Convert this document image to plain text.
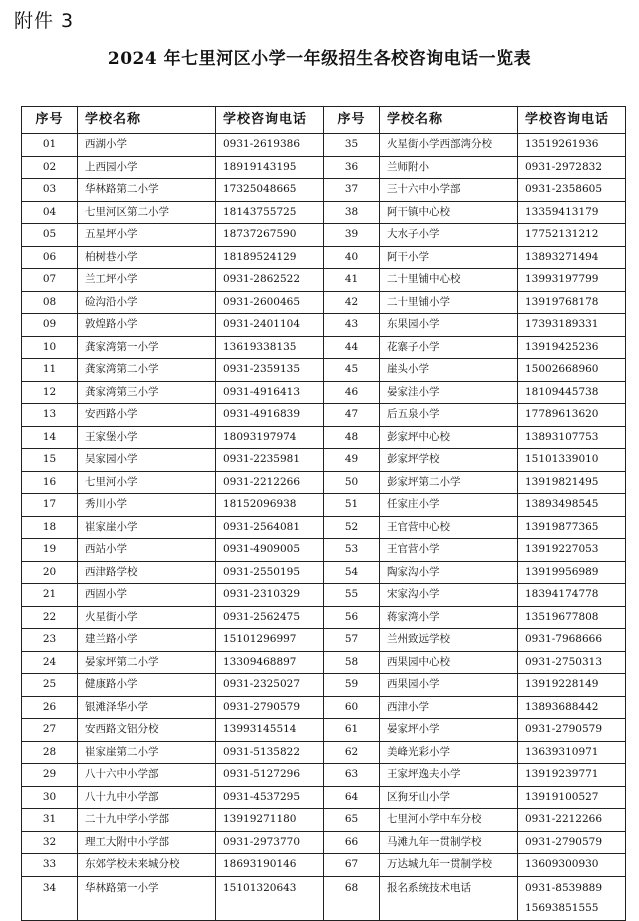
附件 3
2024 年七里河区小学一年级招生各校咨询电话一览表
序号	学校名称	学校咨询电话	序号	学校名称	学校咨询电话
01	西湖小学	0931-2619386	35	火星街小学西部湾分校	13519261936
02	上西园小学	18919143195	36	兰师附小	0931-2972832
03	华林路第二小学	17325048665	37	三十六中小学部	0931-2358605
04	七里河区第二小学	18143755725	38	阿干镇中心校	13359413179
05	五星坪小学	18737267590	39	大水子小学	17752131212
06	柏树巷小学	18189524129	40	阿干小学	13893271494
07	兰工坪小学	0931-2862522	41	二十里铺中心校	13993197799
08	硷沟沿小学	0931-2600465	42	二十里铺小学	13919768178
09	敦煌路小学	0931-2401104	43	东果园小学	17393189331
10	龚家湾第一小学	13619338135	44	花寨子小学	13919425236
11	龚家湾第二小学	0931-2359135	45	崖头小学	15002668960
12	龚家湾第三小学	0931-4916413	46	晏家洼小学	18109445738
13	安西路小学	0931-4916839	47	后五泉小学	17789613620
14	王家堡小学	18093197974	48	彭家坪中心校	13893107753
15	吴家园小学	0931-2235981	49	彭家坪学校	15101339010
16	七里河小学	0931-2212266	50	彭家坪第二小学	13919821495
17	秀川小学	18152096938	51	任家庄小学	13893498545
18	崔家崖小学	0931-2564081	52	王官营中心校	13919877365
19	西站小学	0931-4909005	53	王官营小学	13919227053
20	西津路学校	0931-2550195	54	陶家沟小学	13919956989
21	西固小学	0931-2310329	55	宋家沟小学	18394174778
22	火星街小学	0931-2562475	56	蒋家湾小学	13519677808
23	建兰路小学	15101296997	57	兰州致远学校	0931-7968666
24	晏家坪第二小学	13309468897	58	西果园中心校	0931-2750313
25	健康路小学	0931-2325027	59	西果园小学	13919228149
26	银滩泽华小学	0931-2790579	60	西津小学	13893688442
27	安西路文铝分校	13993145514	61	晏家坪小学	0931-2790579
28	崔家崖第二小学	0931-5135822	62	美峰光彩小学	13639310971
29	八十六中小学部	0931-5127296	63	王家坪逸夫小学	13919239771
30	八十九中小学部	0931-4537295	64	区狗牙山小学	13919100527
31	二十九中学小学部	13919271180	65	七里河小学中车分校	0931-2212266
32	理工大附中小学部	0931-2973770	66	马滩九年一贯制学校	0931-2790579
33	东郊学校未来城分校	18693190146	67	万达城九年一贯制学校	13609300930
34	华林路第一小学	15101320643	68	报名系统技术电话	0931-8539889
15693851555
